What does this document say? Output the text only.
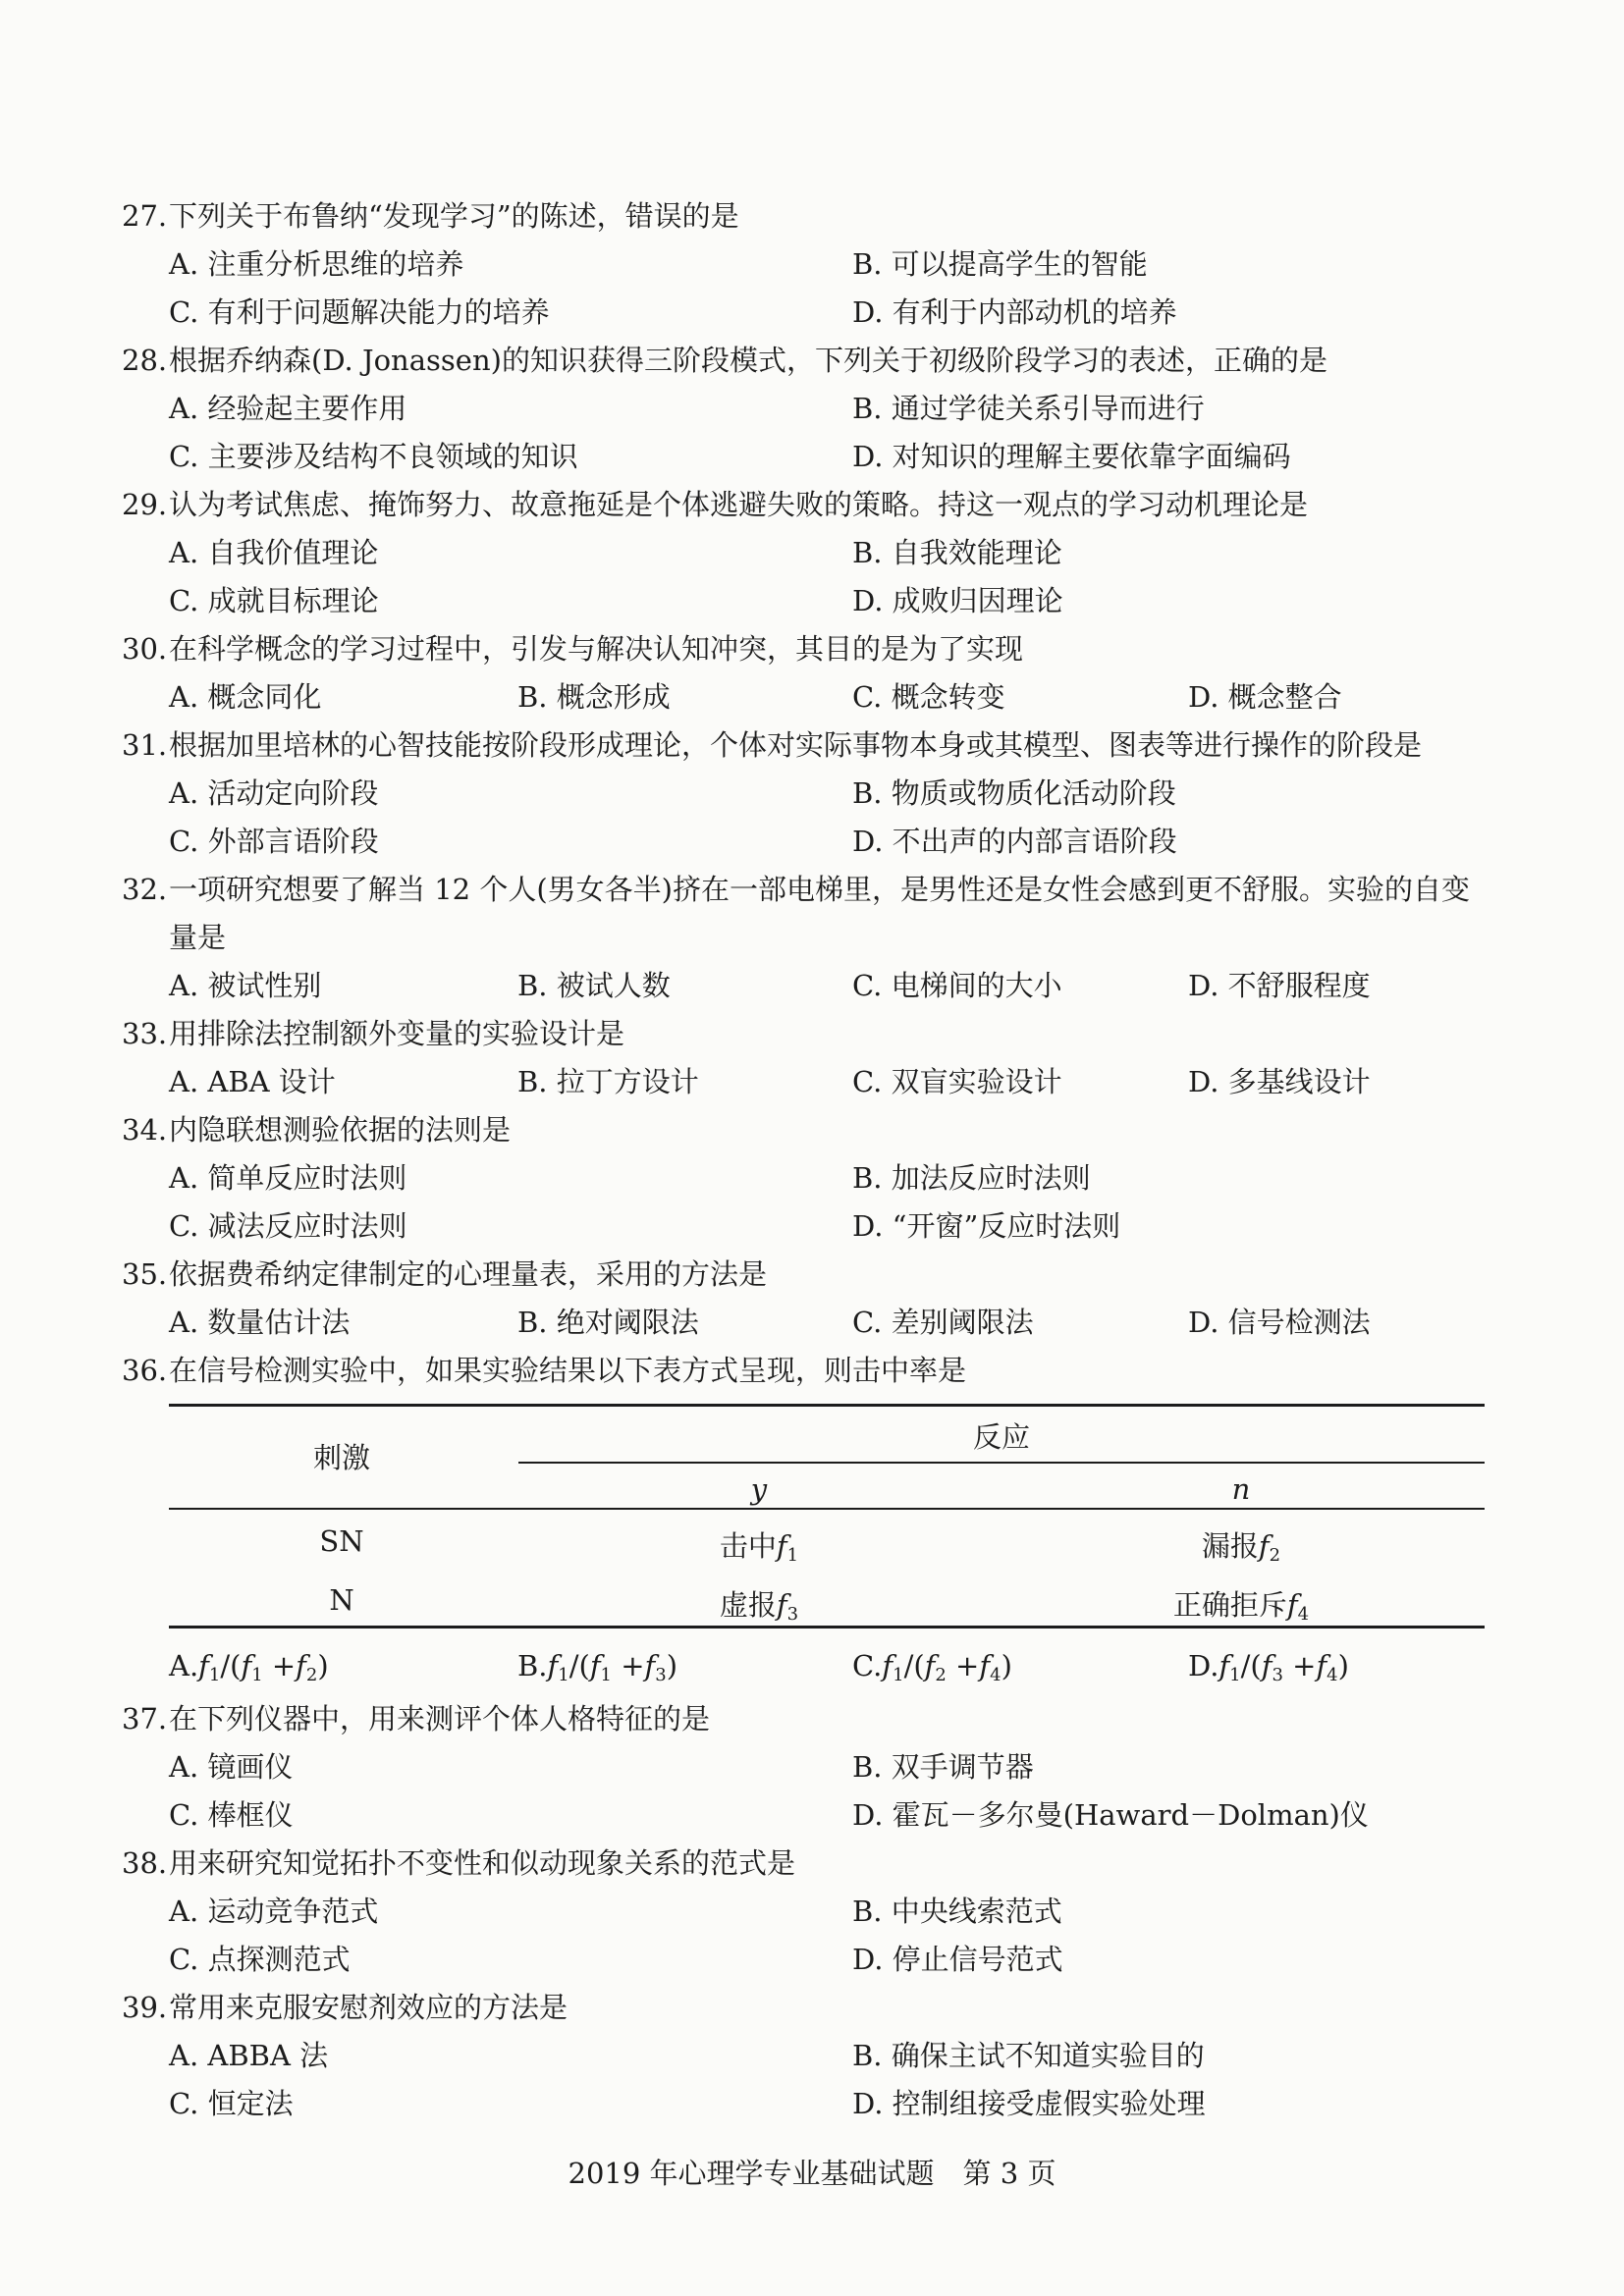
27.下列关于布鲁纳“发现学习”的陈述，错误的是
A. 注重分析思维的培养	B. 可以提高学生的智能
C. 有利于问题解决能力的培养	D. 有利于内部动机的培养
28.根据乔纳森(D. Jonassen)的知识获得三阶段模式，下列关于初级阶段学习的表述，正确的是
A. 经验起主要作用	B. 通过学徒关系引导而进行
C. 主要涉及结构不良领域的知识	D. 对知识的理解主要依靠字面编码
29.认为考试焦虑、掩饰努力、故意拖延是个体逃避失败的策略。持这一观点的学习动机理论是
A. 自我价值理论	B. 自我效能理论
C. 成就目标理论	D. 成败归因理论
30.在科学概念的学习过程中，引发与解决认知冲突，其目的是为了实现
A. 概念同化	B. 概念形成	C. 概念转变	D. 概念整合
31.根据加里培林的心智技能按阶段形成理论，个体对实际事物本身或其模型、图表等进行操作的阶段是
A. 活动定向阶段	B. 物质或物质化活动阶段
C. 外部言语阶段	D. 不出声的内部言语阶段
32.一项研究想要了解当 12 个人(男女各半)挤在一部电梯里，是男性还是女性会感到更不舒服。实验的自变
量是
A. 被试性别	B. 被试人数	C. 电梯间的大小	D. 不舒服程度
33.用排除法控制额外变量的实验设计是
A. ABA 设计	B. 拉丁方设计	C. 双盲实验设计	D. 多基线设计
34.内隐联想测验依据的法则是
A. 简单反应时法则	B. 加法反应时法则
C. 减法反应时法则	D. “开窗”反应时法则
35.依据费希纳定律制定的心理量表，采用的方法是
A. 数量估计法	B. 绝对阈限法	C. 差别阈限法	D. 信号检测法
36.在信号检测实验中，如果实验结果以下表方式呈现，则击中率是
刺激
反应
y	n
SN	击中$f_1$	漏报$f_2$
N	虚报$f_3$	正确拒斥$f_4$
$A.f_1/(f_1 +f_2)$	$B.f_1/(f_1 +f_3)$	$C.f_1/(f_2 +f_4)$	$D.f_1/(f_3 +f_4)$
37.在下列仪器中，用来测评个体人格特征的是
A. 镜画仪	B. 双手调节器
C. 棒框仪	D. 霍瓦－多尔曼(Haward－Dolman)仪
38.用来研究知觉拓扑不变性和似动现象关系的范式是
A. 运动竞争范式	B. 中央线索范式
C. 点探测范式	D. 停止信号范式
39.常用来克服安慰剂效应的方法是
A. ABBA 法	B. 确保主试不知道实验目的
C. 恒定法	D. 控制组接受虚假实验处理
2019 年心理学专业基础试题　第 3 页
